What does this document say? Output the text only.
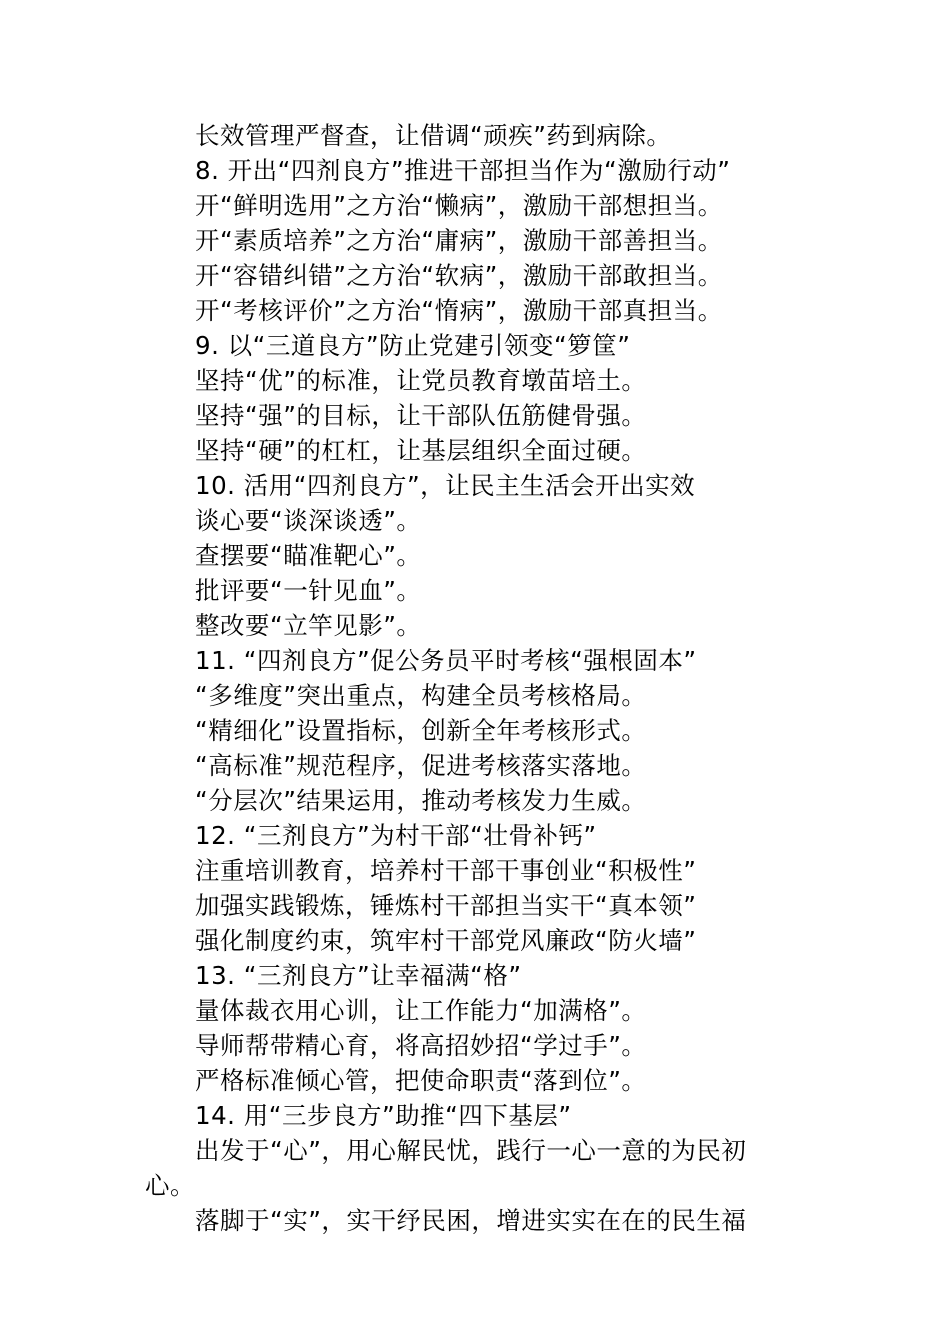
长效管理严督查，让借调“顽疾”药到病除。
8. 开出“四剂良方”推进干部担当作为“激励行动”
开“鲜明选用”之方治“懒病”，激励干部想担当。
开“素质培养”之方治“庸病”，激励干部善担当。
开“容错纠错”之方治“软病”，激励干部敢担当。
开“考核评价”之方治“惰病”，激励干部真担当。
9. 以“三道良方”防止党建引领变“箩筐”
坚持“优”的标准，让党员教育墩苗培土。
坚持“强”的目标，让干部队伍筋健骨强。
坚持“硬”的杠杠，让基层组织全面过硬。
10. 活用“四剂良方”，让民主生活会开出实效
谈心要“谈深谈透”。
查摆要“瞄准靶心”。
批评要“一针见血”。
整改要“立竿见影”。
11. “四剂良方”促公务员平时考核“强根固本”
“多维度”突出重点，构建全员考核格局。
“精细化”设置指标，创新全年考核形式。
“高标准”规范程序，促进考核落实落地。
“分层次”结果运用，推动考核发力生威。
12. “三剂良方”为村干部“壮骨补钙”
注重培训教育，培养村干部干事创业“积极性”
加强实践锻炼，锤炼村干部担当实干“真本领”
强化制度约束，筑牢村干部党风廉政“防火墙”
13. “三剂良方”让幸福满“格”
量体裁衣用心训，让工作能力“加满格”。
导师帮带精心育，将高招妙招“学过手”。
严格标准倾心管，把使命职责“落到位”。
14. 用“三步良方”助推“四下基层”
出发于“心”，用心解民忧，践行一心一意的为民初
心。
落脚于“实”，实干纾民困，增进实实在在的民生福
